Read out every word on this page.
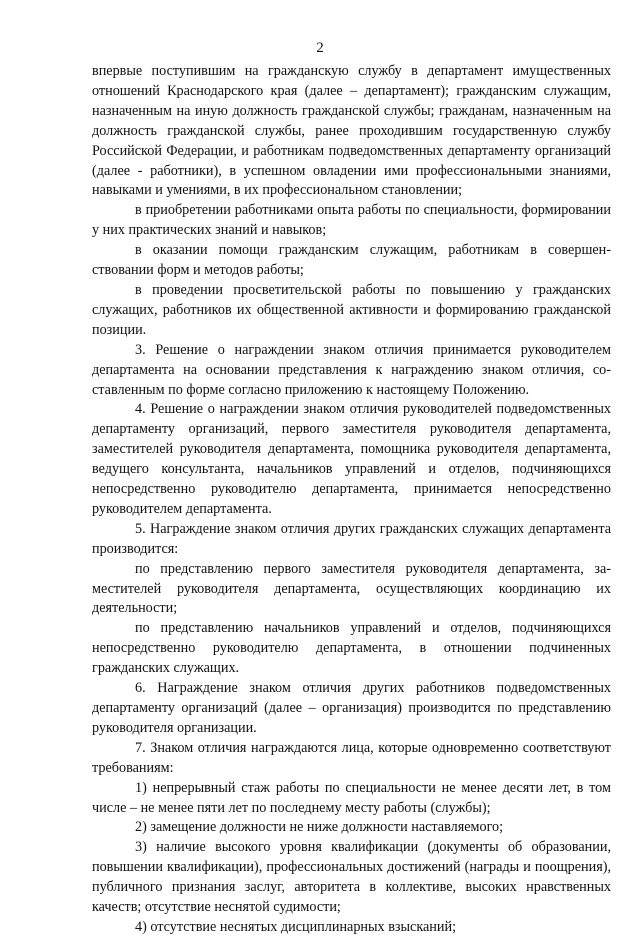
2

впервые поступившим на гражданскую службу в департамент имущественных отношений Краснодарского края (далее – департамент); гражданским служащим, назначенным на иную должность гражданской службы; гражданам, назначенным на должность гражданской службы, ранее проходившим государственную службу Российской Федерации, и работникам подведомственных департаменту организаций (далее - работники), в успешном овладении ими профессиональными знаниями, навыками и умениями, в их профессиональном становлении;

в приобретении работниками опыта работы по специальности, формировании у них практических знаний и навыков;

в оказании помощи гражданским служащим, работникам в совершенствовании форм и методов работы;

в проведении просветительской работы по повышению у гражданских служащих, работников их общественной активности и формированию гражданской позиции.

3. Решение о награждении знаком отличия принимается руководителем департамента на основании представления к награждению знаком отличия, составленным по форме согласно приложению к настоящему Положению.

4. Решение о награждении знаком отличия руководителей подведомственных департаменту организаций, первого заместителя руководителя департамента, заместителей руководителя департамента, помощника руководителя департамента, ведущего консультанта, начальников управлений и отделов, подчиняющихся непосредственно руководителю департамента, принимается непосредственно руководителем департамента.

5. Награждение знаком отличия других гражданских служащих департамента производится:

по представлению первого заместителя руководителя департамента, заместителей руководителя департамента, осуществляющих координацию их деятельности;

по представлению начальников управлений и отделов, подчиняющихся непосредственно руководителю департамента, в отношении подчиненных гражданских служащих.

6. Награждение знаком отличия других работников подведомственных департаменту организаций (далее – организация) производится по представлению руководителя организации.

7. Знаком отличия награждаются лица, которые одновременно соответствуют требованиям:

1) непрерывный стаж работы по специальности не менее десяти лет, в том числе – не менее пяти лет по последнему месту работы (службы);

2) замещение должности не ниже должности наставляемого;

3) наличие высокого уровня квалификации (документы об образовании, повышении квалификации), профессиональных достижений (награды и поощрения), публичного признания заслуг, авторитета в коллективе, высоких нравственных качеств; отсутствие неснятой судимости;

4) отсутствие неснятых дисциплинарных взысканий;
